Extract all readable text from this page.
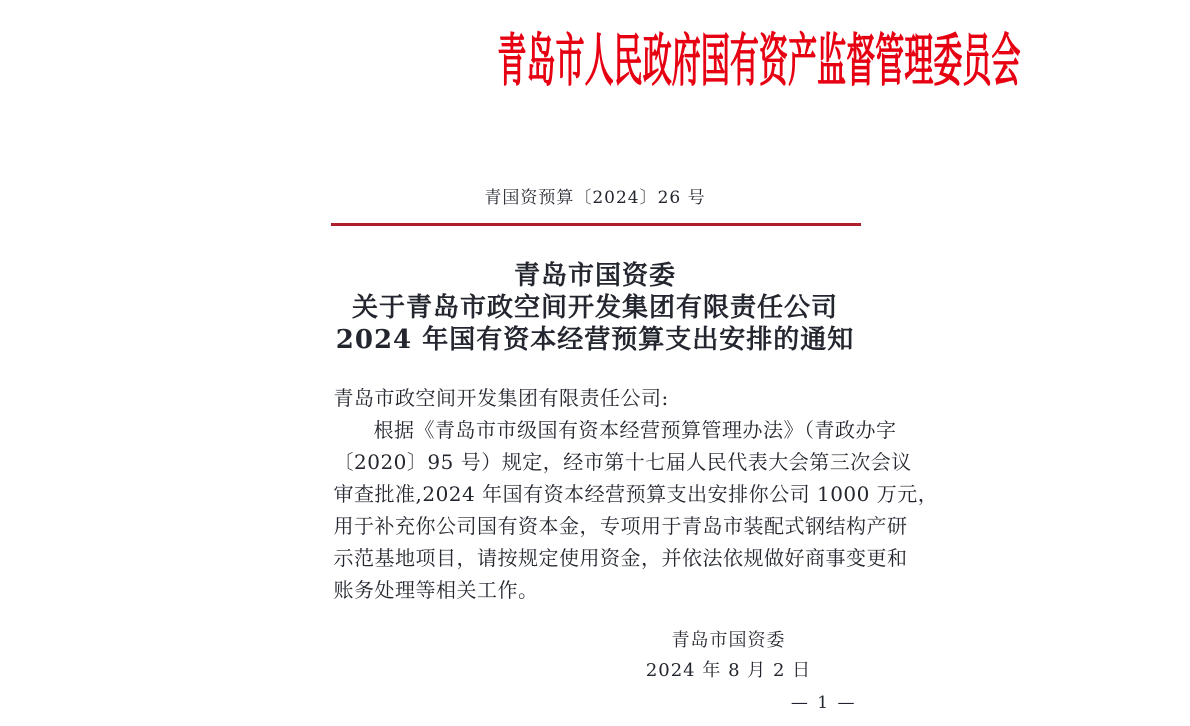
青岛市人民政府国有资产监督管理委员会
青国资预算〔2024〕26 号
青岛市国资委
关于青岛市政空间开发集团有限责任公司
2024 年国有资本经营预算支出安排的通知
青岛市政空间开发集团有限责任公司:
根据《青岛市市级国有资本经营预算管理办法》（青政办字
〔2020〕95 号）规定，经市第十七届人民代表大会第三次会议
审查批准,2024 年国有资本经营预算支出安排你公司 1000 万元，
用于补充你公司国有资本金，专项用于青岛市装配式钢结构产研
示范基地项目，请按规定使用资金，并依法依规做好商事变更和
账务处理等相关工作。
青岛市国资委
2024 年 8 月 2 日
— 1 —
